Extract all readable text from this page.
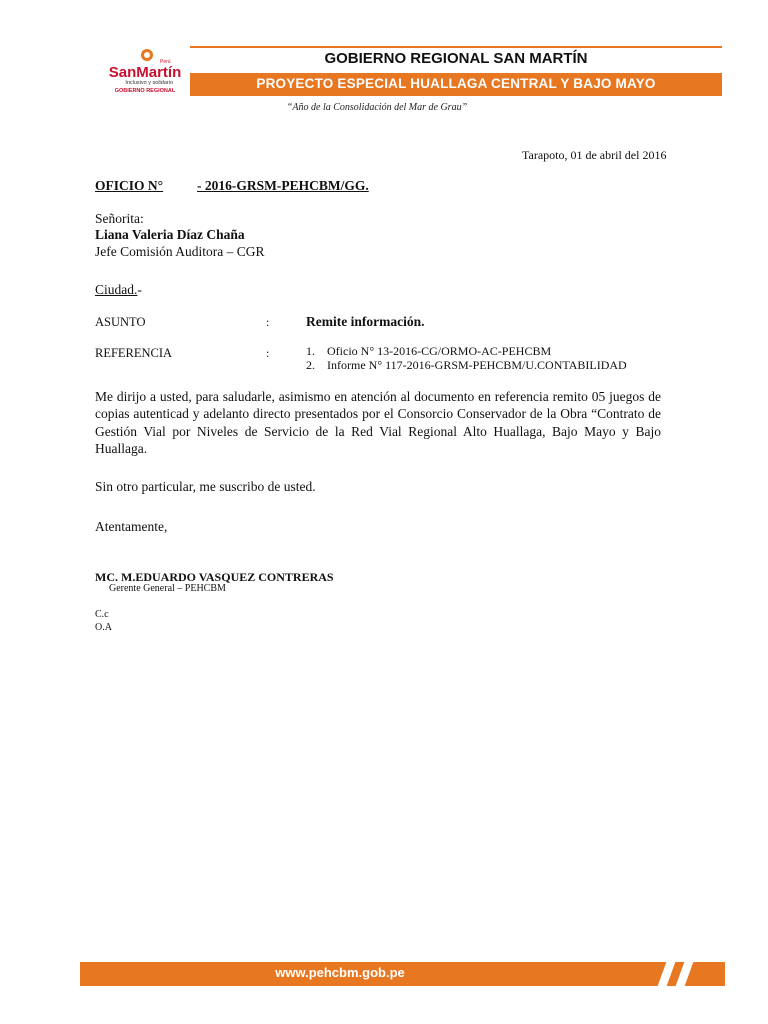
Perú
SanMartín
Inclusivo y solidario
GOBIERNO REGIONAL
GOBIERNO REGIONAL SAN MARTÍN
PROYECTO ESPECIAL HUALLAGA CENTRAL Y BAJO MAYO
“Año de la Consolidación del Mar de Grau”
Tarapoto, 01 de abril del 2016
OFICIO N°	- 2016-GRSM-PEHCBM/GG.
Señorita:
Liana Valeria Díaz Chaña
Jefe Comisión Auditora – CGR
Ciudad.-
ASUNTO	:	Remite información.
REFERENCIA	:	1. Oficio N° 13-2016-CG/ORMO-AC-PEHCBM
2. Informe N° 117-2016-GRSM-PEHCBM/U.CONTABILIDAD
Me dirijo a usted, para saludarle, asimismo en atención al documento en referencia remito 05 juegos de copias autenticad y adelanto directo presentados por el Consorcio Conservador de la Obra “Contrato de Gestión Vial por Niveles de Servicio de la Red Vial Regional Alto Huallaga, Bajo Mayo y Bajo Huallaga.
Sin otro particular, me suscribo de usted.
Atentamente,
MC. M.EDUARDO VASQUEZ CONTRERAS
Gerente General – PEHCBM
C.c
O.A
www.pehcbm.gob.pe
